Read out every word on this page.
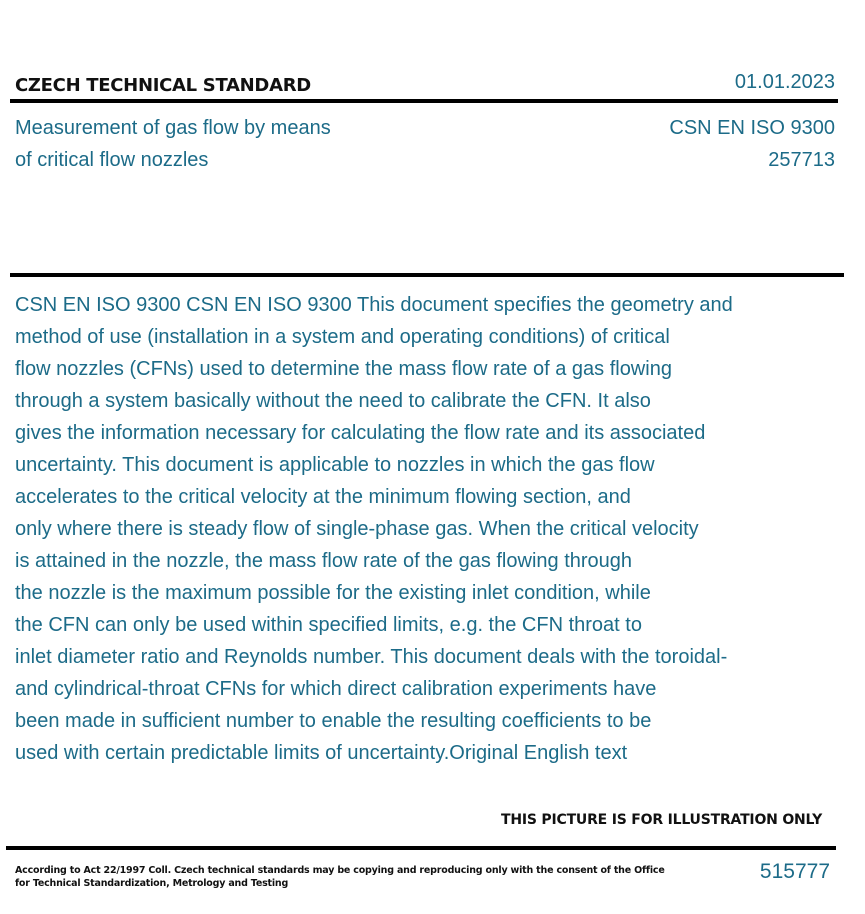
CZECH TECHNICAL STANDARD	01.01.2023
Measurement of gas flow by means
of critical flow nozzles
CSN EN ISO 9300
257713
CSN EN ISO 9300 CSN EN ISO 9300 This document specifies the geometry and
method of use (installation in a system and operating conditions) of critical
flow nozzles (CFNs) used to determine the mass flow rate of a gas flowing
through a system basically without the need to calibrate the CFN. It also
gives the information necessary for calculating the flow rate and its associated
uncertainty. This document is applicable to nozzles in which the gas flow
accelerates to the critical velocity at the minimum flowing section, and
only where there is steady flow of single-phase gas. When the critical velocity
is attained in the nozzle, the mass flow rate of the gas flowing through
the nozzle is the maximum possible for the existing inlet condition, while
the CFN can only be used within specified limits, e.g. the CFN throat to
inlet diameter ratio and Reynolds number. This document deals with the toroidal-
and cylindrical-throat CFNs for which direct calibration experiments have
been made in sufficient number to enable the resulting coefficients to be
used with certain predictable limits of uncertainty.Original English text
THIS PICTURE IS FOR ILLUSTRATION ONLY
According to Act 22/1997 Coll. Czech technical standards may be copying and reproducing only with the consent of the Office
for Technical Standardization, Metrology and Testing
515777
